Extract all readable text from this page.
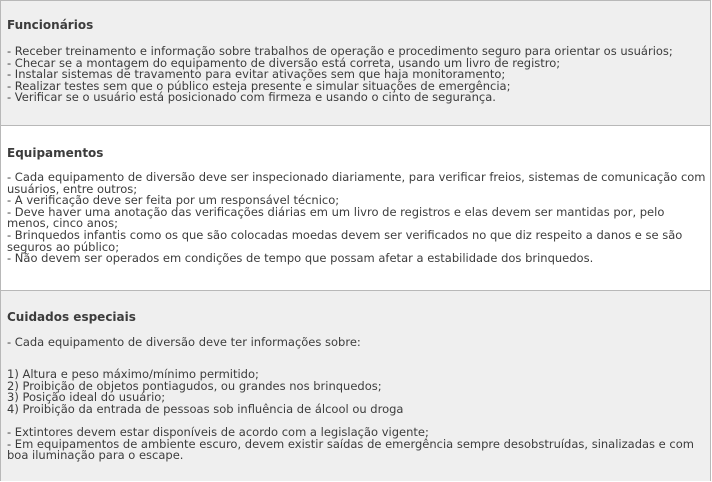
Funcionários
- Receber treinamento e informação sobre trabalhos de operação e procedimento seguro para orientar os usuários;
- Checar se a montagem do equipamento de diversão está correta, usando um livro de registro;
- Instalar sistemas de travamento para evitar ativações sem que haja monitoramento;
- Realizar testes sem que o público esteja presente e simular situações de emergência;
- Verificar se o usuário está posicionado com firmeza e usando o cinto de segurança.
Equipamentos
- Cada equipamento de diversão deve ser inspecionado diariamente, para verificar freios, sistemas de comunicação com usuários, entre outros;
- A verificação deve ser feita por um responsável técnico;
- Deve haver uma anotação das verificações diárias em um livro de registros e elas devem ser mantidas por, pelo menos, cinco anos;
- Brinquedos infantis como os que são colocadas moedas devem ser verificados no que diz respeito a danos e se são seguros ao público;
- Não devem ser operados em condições de tempo que possam afetar a estabilidade dos brinquedos.
Cuidados especiais
- Cada equipamento de diversão deve ter informações sobre:
1) Altura e peso máximo/mínimo permitido;
2) Proibição de objetos pontiagudos, ou grandes nos brinquedos;
3) Posição ideal do usuário;
4) Proibição da entrada de pessoas sob influência de álcool ou droga
- Extintores devem estar disponíveis de acordo com a legislação vigente;
- Em equipamentos de ambiente escuro, devem existir saídas de emergência sempre desobstruídas, sinalizadas e com boa iluminação para o escape.
